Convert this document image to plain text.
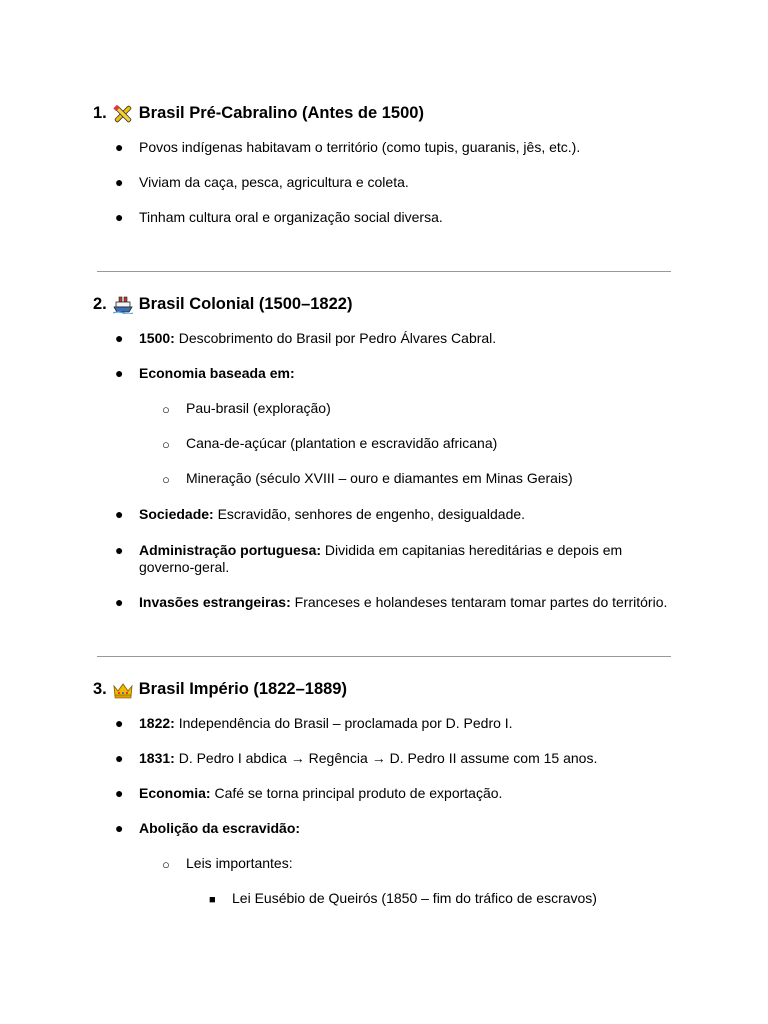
1. Brasil Pré-Cabralino (Antes de 1500)
● Povos indígenas habitavam o território (como tupis, guaranis, jês, etc.).
● Viviam da caça, pesca, agricultura e coleta.
● Tinham cultura oral e organização social diversa.
2. Brasil Colonial (1500–1822)
● 1500: Descobrimento do Brasil por Pedro Álvares Cabral.
● Economia baseada em:
○ Pau-brasil (exploração)
○ Cana-de-açúcar (plantation e escravidão africana)
○ Mineração (século XVIII – ouro e diamantes em Minas Gerais)
● Sociedade: Escravidão, senhores de engenho, desigualdade.
● Administração portuguesa: Dividida em capitanias hereditárias e depois em
governo-geral.
● Invasões estrangeiras: Franceses e holandeses tentaram tomar partes do território.
3. Brasil Império (1822–1889)
● 1822: Independência do Brasil – proclamada por D. Pedro I.
● 1831: D. Pedro I abdica → Regência → D. Pedro II assume com 15 anos.
● Economia: Café se torna principal produto de exportação.
● Abolição da escravidão:
○ Leis importantes:
■ Lei Eusébio de Queirós (1850 – fim do tráfico de escravos)
